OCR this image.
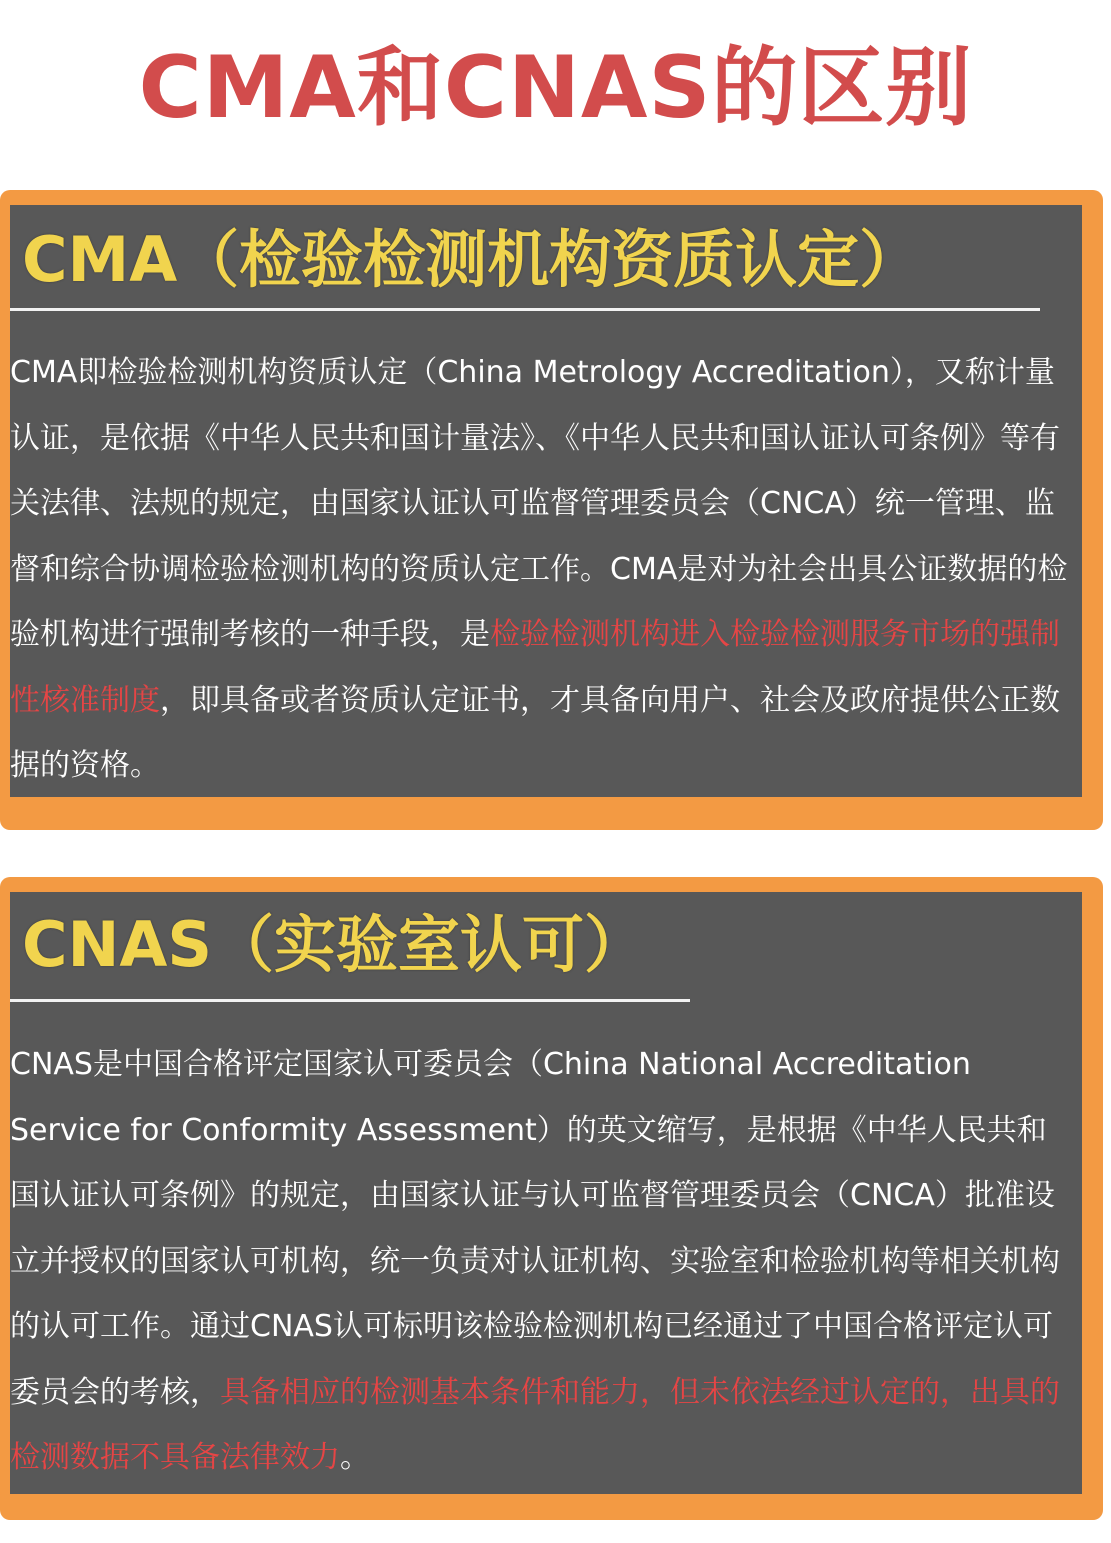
CMA和CNAS的区别
CMA（检验检测机构资质认定）

CMA即检验检测机构资质认定（China Metrology Accreditation），又称计量认证，是依据《中华人民共和国计量法》、《中华人民共和国认证认可条例》等有关法律、法规的规定，由国家认证认可监督管理委员会（CNCA）统一管理、监督和综合协调检验检测机构的资质认定工作。CMA是对为社会出具公证数据的检验机构进行强制考核的一种手段，是检验检测机构进入检验检测服务市场的强制性核准制度，即具备或者资质认定证书，才具备向用户、社会及政府提供公正数据的资格。

CNAS（实验室认可）

CNAS是中国合格评定国家认可委员会（China National Accreditation Service for Conformity Assessment）的英文缩写，是根据《中华人民共和国认证认可条例》的规定，由国家认证与认可监督管理委员会（CNCA）批准设立并授权的国家认可机构，统一负责对认证机构、实验室和检验机构等相关机构的认可工作。通过CNAS认可标明该检验检测机构已经通过了中国合格评定认可委员会的考核，具备相应的检测基本条件和能力，但未依法经过认定的，出具的检测数据不具备法律效力。
